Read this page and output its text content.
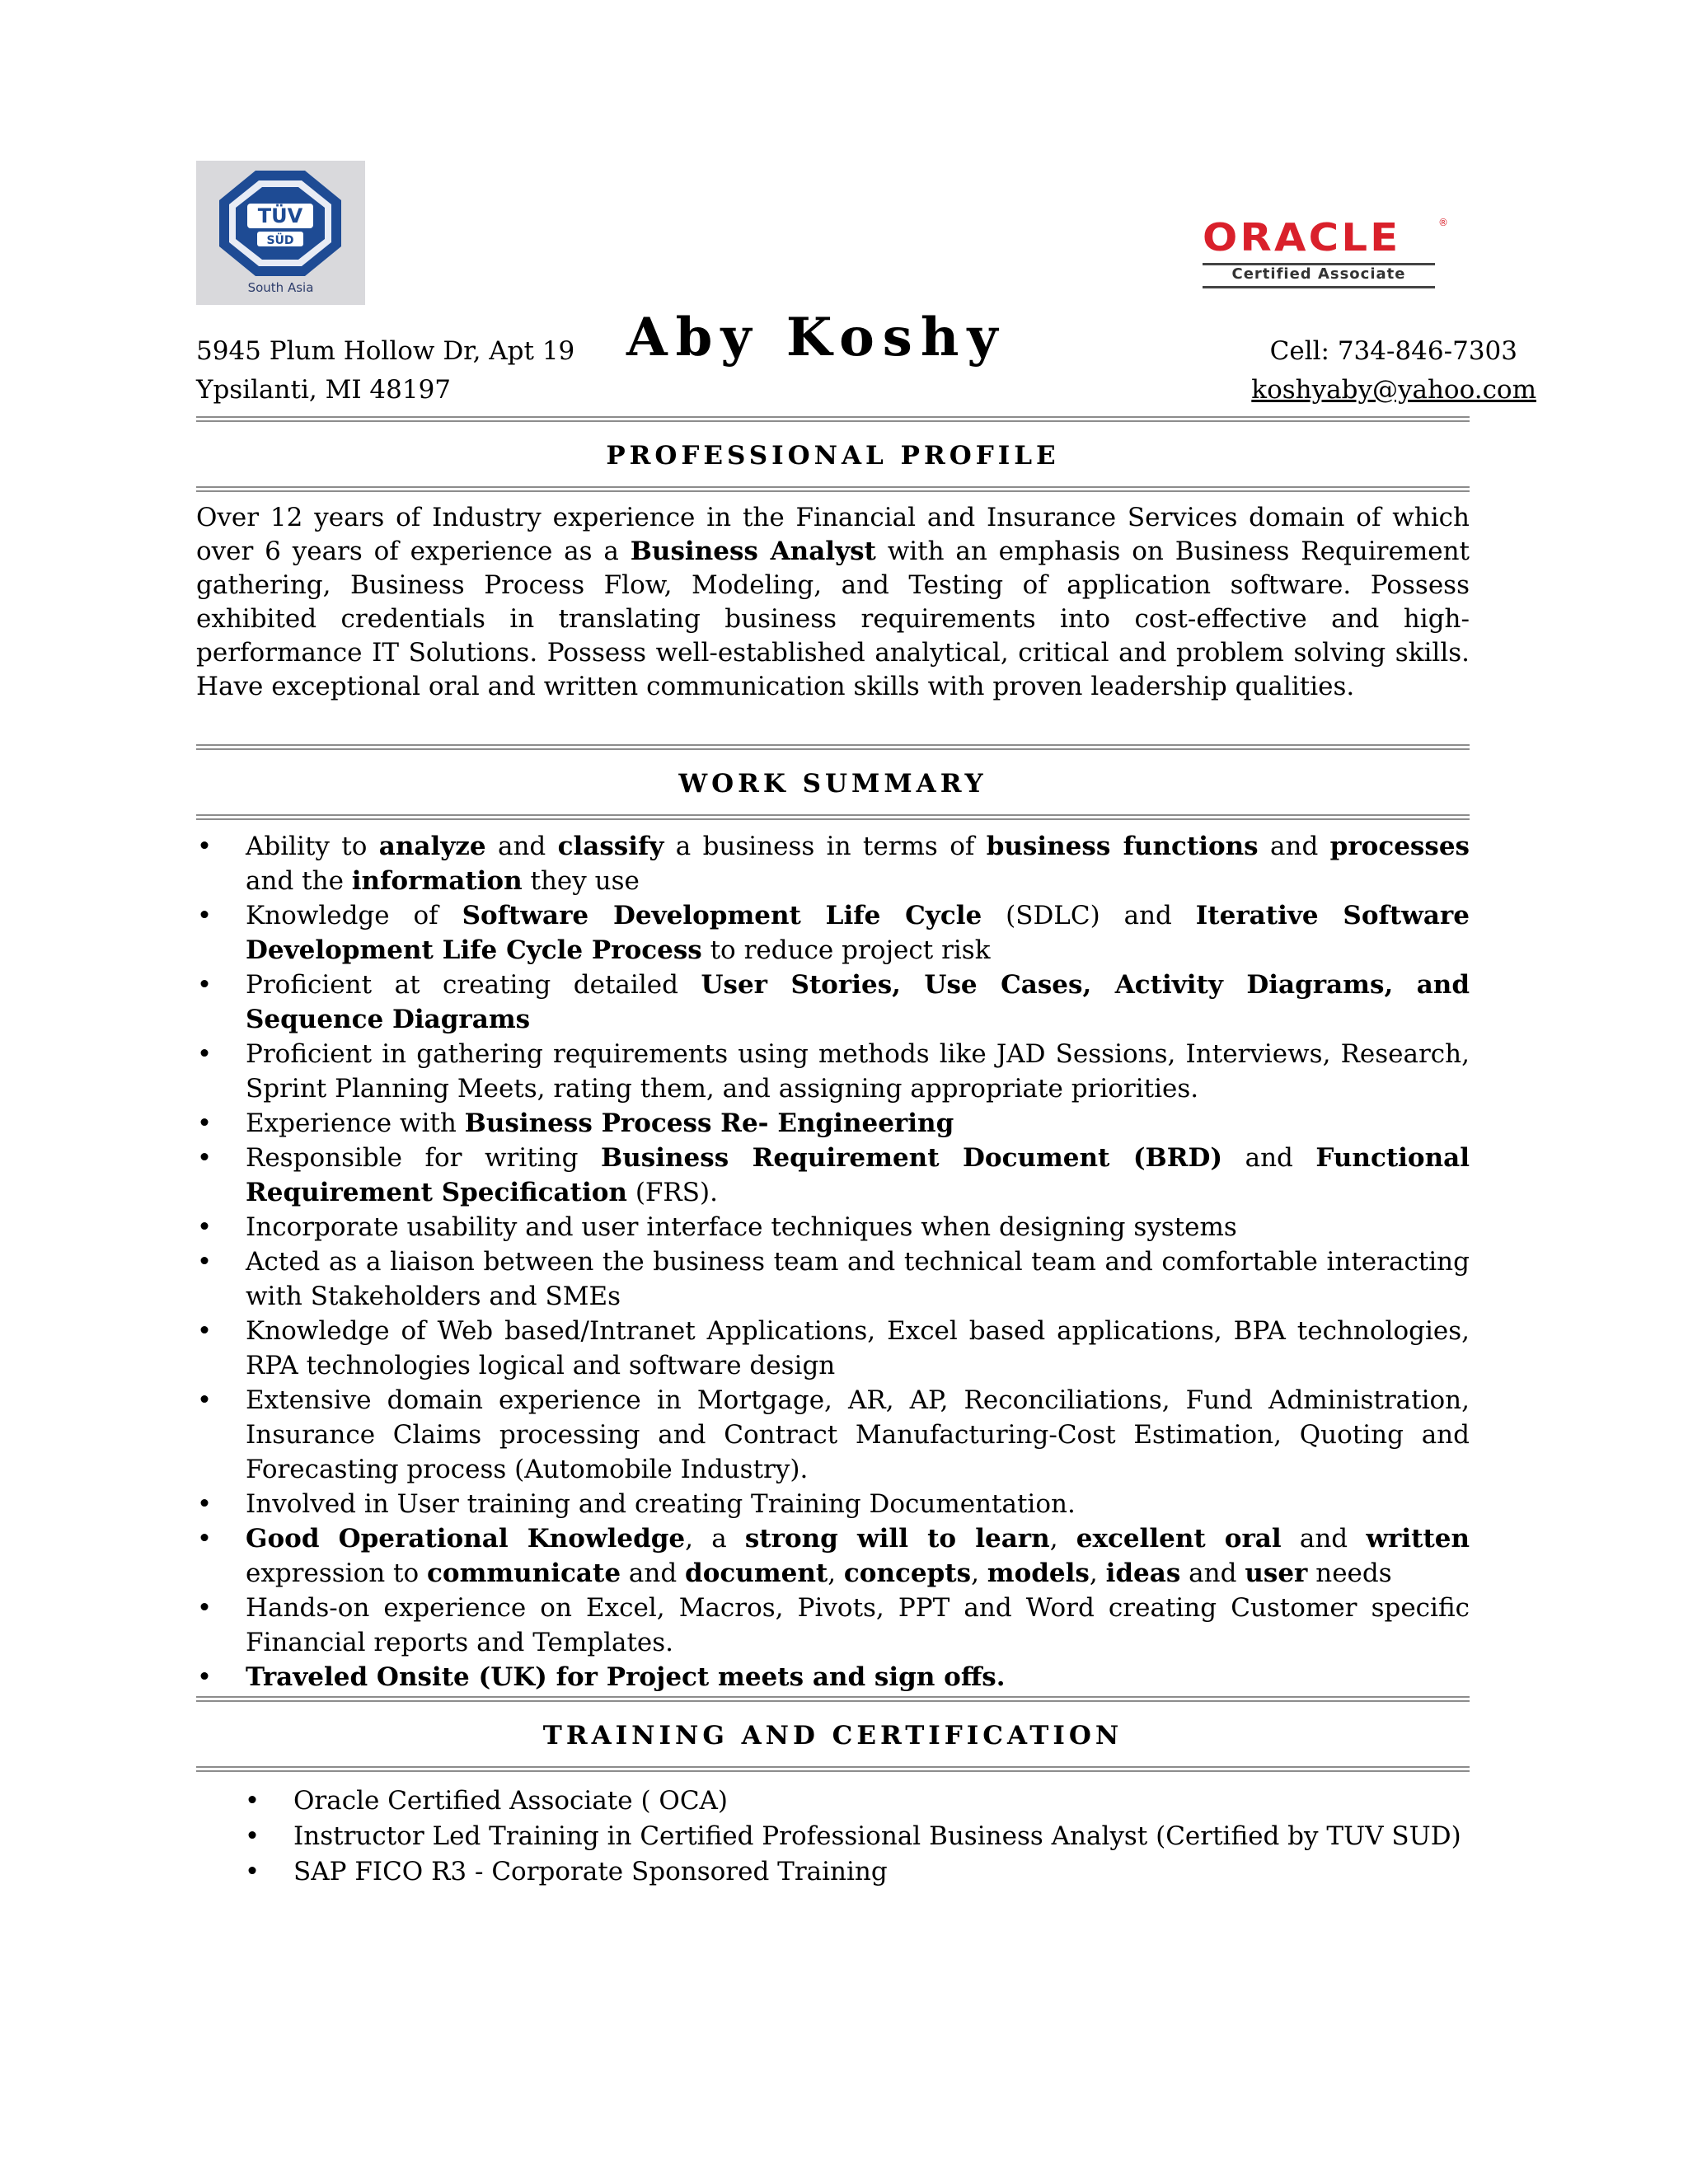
TÜV
SÜD
South Asia
ORACLE	®
Certified Associate
Aby Koshy
5945 Plum Hollow Dr, Apt 19
Ypsilanti, MI 48197
Cell: 734-846-7303
koshyaby@yahoo.com
PROFESSIONAL PROFILE

Over 12 years of Industry experience in the Financial and Insurance Services domain of which over 6 years of experience as a Business Analyst with an emphasis on Business Requirement gathering, Business Process Flow, Modeling, and Testing of application software. Possess exhibited credentials in translating business requirements into cost-effective and high-performance IT Solutions. Possess well-established analytical, critical and problem solving skills. Have exceptional oral and written communication skills with proven leadership qualities.

WORK SUMMARY
• Ability to analyze and classify a business in terms of business functions and processes and the information they use
• Knowledge of Software Development Life Cycle (SDLC) and Iterative Software Development Life Cycle Process to reduce project risk
• Proficient at creating detailed User Stories, Use Cases, Activity Diagrams, and Sequence Diagrams
• Proficient in gathering requirements using methods like JAD Sessions, Interviews, Research, Sprint Planning Meets, rating them, and assigning appropriate priorities.
• Experience with Business Process Re- Engineering
• Responsible for writing Business Requirement Document (BRD) and Functional Requirement Specification (FRS).
• Incorporate usability and user interface techniques when designing systems
• Acted as a liaison between the business team and technical team and comfortable interacting with Stakeholders and SMEs
• Knowledge of Web based/Intranet Applications, Excel based applications, BPA technologies, RPA technologies logical and software design
• Extensive domain experience in Mortgage, AR, AP, Reconciliations, Fund Administration, Insurance Claims processing and Contract Manufacturing-Cost Estimation, Quoting and Forecasting process (Automobile Industry).
• Involved in User training and creating Training Documentation.
• Good Operational Knowledge, a strong will to learn, excellent oral and written expression to communicate and document, concepts, models, ideas and user needs
• Hands-on experience on Excel, Macros, Pivots, PPT and Word creating Customer specific Financial reports and Templates.
• Traveled Onsite (UK) for Project meets and sign offs.
TRAINING AND CERTIFICATION
• Oracle Certified Associate ( OCA)
• Instructor Led Training in Certified Professional Business Analyst (Certified by TUV SUD)
• SAP FICO R3 - Corporate Sponsored Training
